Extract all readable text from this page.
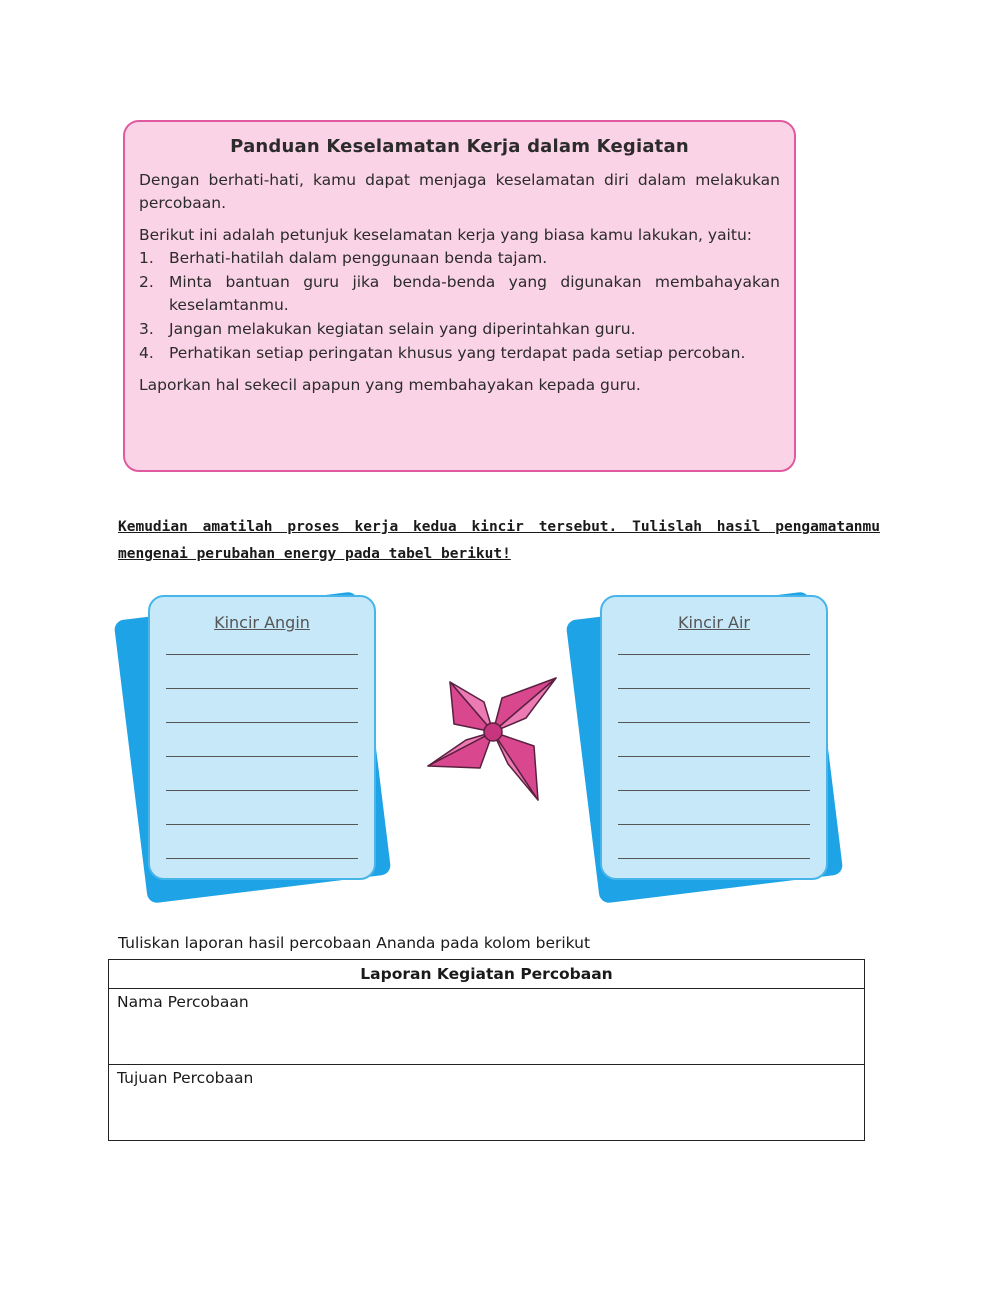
Panduan Keselamatan Kerja dalam Kegiatan

Dengan berhati-hati, kamu dapat menjaga keselamatan diri dalam melakukan percobaan.

Berikut ini adalah petunjuk keselamatan kerja yang biasa kamu lakukan, yaitu:

1. Berhati-hatilah dalam penggunaan benda tajam.
2. Minta bantuan guru jika benda-benda yang digunakan membahayakan keselamtanmu.
3. Jangan melakukan kegiatan selain yang diperintahkan guru.
4. Perhatikan setiap peringatan khusus yang terdapat pada setiap percoban.

Laporkan hal sekecil apapun yang membahayakan kepada guru.

Kemudian amatilah proses kerja kedua kincir tersebut. Tulislah hasil pengamatanmu mengenai perubahan energy pada tabel berikut!
Kincir Angin	Kincir Air
Tuliskan laporan hasil percobaan Ananda pada kolom berikut
Laporan Kegiatan Percobaan
Nama Percobaan
Tujuan Percobaan
